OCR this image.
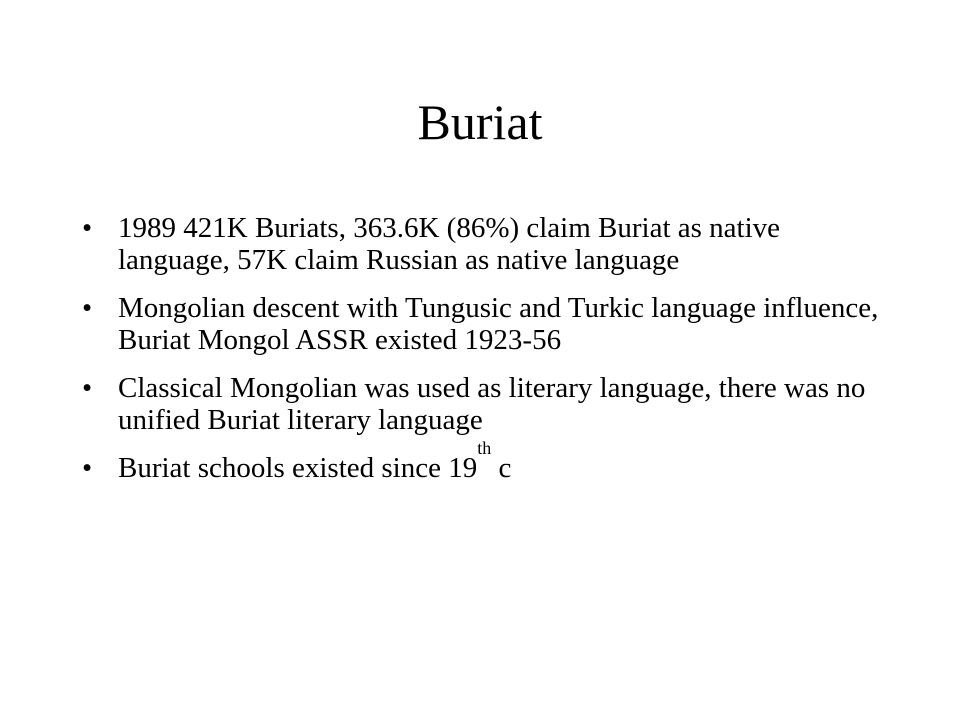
Buriat
• 1989 421K Buriats, 363.6K (86%) claim Buriat as native language, 57K claim Russian as native language
• Mongolian descent with Tungusic and Turkic language influence, Buriat Mongol ASSR existed 1923-56
• Classical Mongolian was used as literary language, there was no unified Buriat literary language
• Buriat schools existed since 19th c
